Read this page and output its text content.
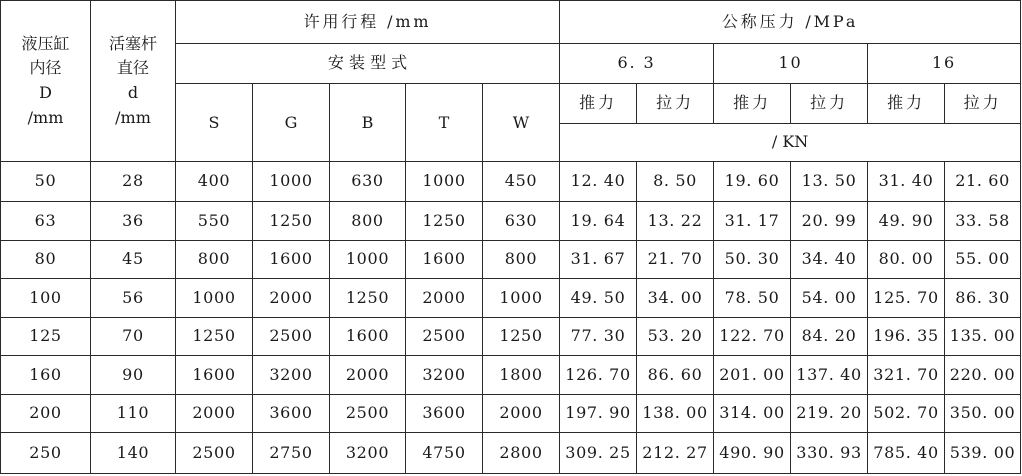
液压缸
内径
D
/mm	活塞杆
直径
d
/mm	许用行程 /mm					公称压力 /MPa					
		安 装 型 式					6. 3		10		16	
		S	G	B	T	W	推力	拉力	推力	拉力	推力	拉力
							/ KN					
50	28	400	1000	630	1000	450	12. 40	8. 50	19. 60	13. 50	31. 40	21. 60
63	36	550	1250	800	1250	630	19. 64	13. 22	31. 17	20. 99	49. 90	33. 58
80	45	800	1600	1000	1600	800	31. 67	21. 70	50. 30	34. 40	80. 00	55. 00
100	56	1000	2000	1250	2000	1000	49. 50	34. 00	78. 50	54. 00	125. 70	86. 30
125	70	1250	2500	1600	2500	1250	77. 30	53. 20	122. 70	84. 20	196. 35	135. 00
160	90	1600	3200	2000	3200	1800	126. 70	86. 60	201. 00	137. 40	321. 70	220. 00
200	110	2000	3600	2500	3600	2000	197. 90	138. 00	314. 00	219. 20	502. 70	350. 00
250	140	2500	2750	3200	4750	2800	309. 25	212. 27	490. 90	330. 93	785. 40	539. 00
